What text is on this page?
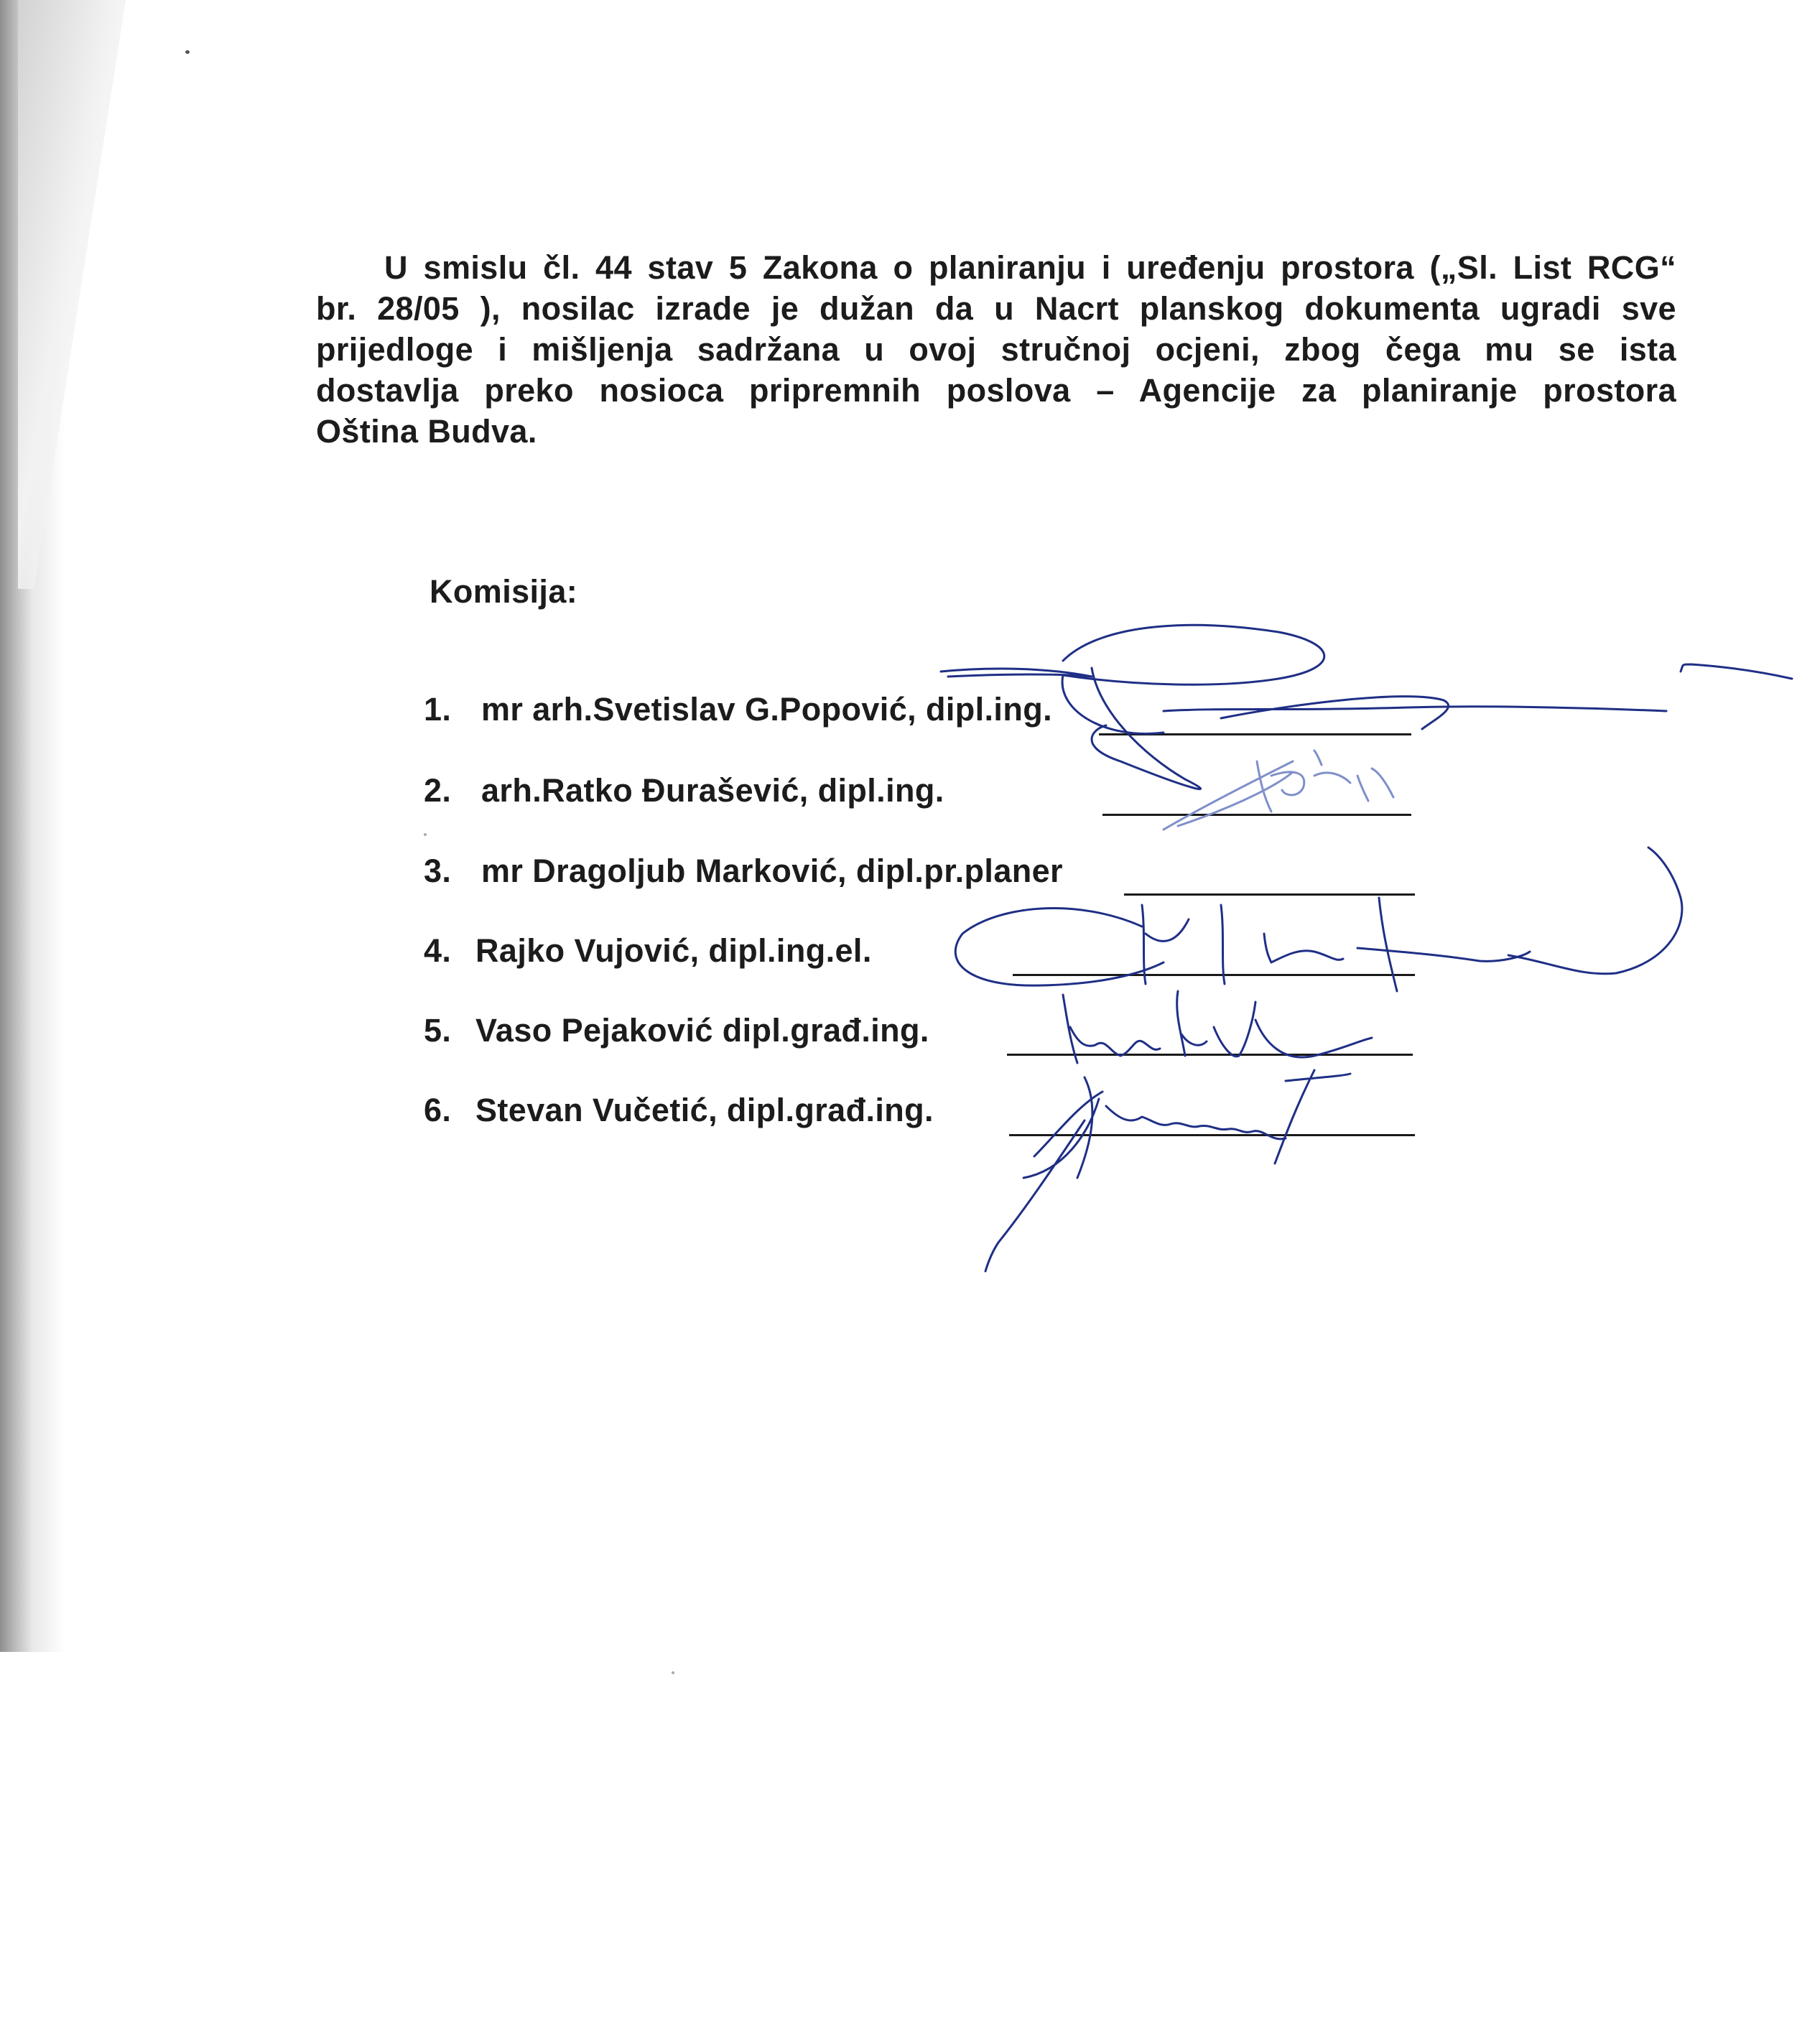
U smislu čl. 44 stav 5 Zakona o planiranju i uređenju prostora („Sl. List RCG“
br. 28/05 ), nosilac izrade je dužan da u Nacrt planskog dokumenta ugradi sve
prijedloge i mišljenja sadržana u ovoj stručnoj ocjeni, zbog čega mu se ista
dostavlja preko nosioca pripremnih poslova – Agencije za planiranje prostora
Oština Budva.
Komisija:
1. mr arh.Svetislav G.Popović, dipl.ing.
2. arh.Ratko Đurašević, dipl.ing.
3. mr Dragoljub Marković, dipl.pr.planer
4. Rajko Vujović, dipl.ing.el.
5. Vaso Pejaković dipl.građ.ing.
6. Stevan Vučetić, dipl.građ.ing.
